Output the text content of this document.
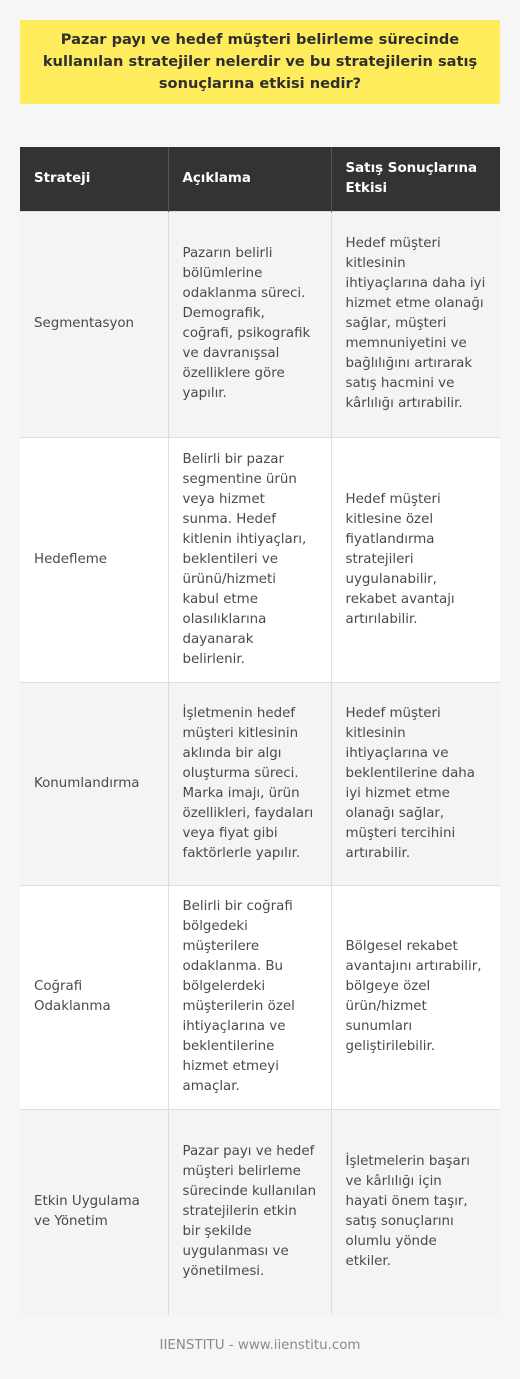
Pazar payı ve hedef müşteri belirleme sürecinde kullanılan stratejiler nelerdir ve bu stratejilerin satış sonuçlarına etkisi nedir?
Strateji	Açıklama	Satış Sonuçlarına Etkisi
Segmentasyon	Pazarın belirli bölümlerine odaklanma süreci. Demografik, coğrafi, psikografik ve davranışsal özelliklere göre yapılır.	Hedef müşteri kitlesinin ihtiyaçlarına daha iyi hizmet etme olanağı sağlar, müşteri memnuniyetini ve bağlılığını artırarak satış hacmini ve kârlılığı artırabilir.
Hedefleme	Belirli bir pazar segmentine ürün veya hizmet sunma. Hedef kitlenin ihtiyaçları, beklentileri ve ürünü/hizmeti kabul etme olasılıklarına dayanarak belirlenir.	Hedef müşteri kitlesine özel fiyatlandırma stratejileri uygulanabilir, rekabet avantajı artırılabilir.
Konumlandırma	İşletmenin hedef müşteri kitlesinin aklında bir algı oluşturma süreci. Marka imajı, ürün özellikleri, faydaları veya fiyat gibi faktörlerle yapılır.	Hedef müşteri kitlesinin ihtiyaçlarına ve beklentilerine daha iyi hizmet etme olanağı sağlar, müşteri tercihini artırabilir.
Coğrafi Odaklanma	Belirli bir coğrafi bölgedeki müşterilere odaklanma. Bu bölgelerdeki müşterilerin özel ihtiyaçlarına ve beklentilerine hizmet etmeyi amaçlar.	Bölgesel rekabet avantajını artırabilir, bölgeye özel ürün/hizmet sunumları geliştirilebilir.
Etkin Uygulama ve Yönetim	Pazar payı ve hedef müşteri belirleme sürecinde kullanılan stratejilerin etkin bir şekilde uygulanması ve yönetilmesi.	İşletmelerin başarı ve kârlılığı için hayati önem taşır, satış sonuçlarını olumlu yönde etkiler.
IIENSTITU - www.iienstitu.com
